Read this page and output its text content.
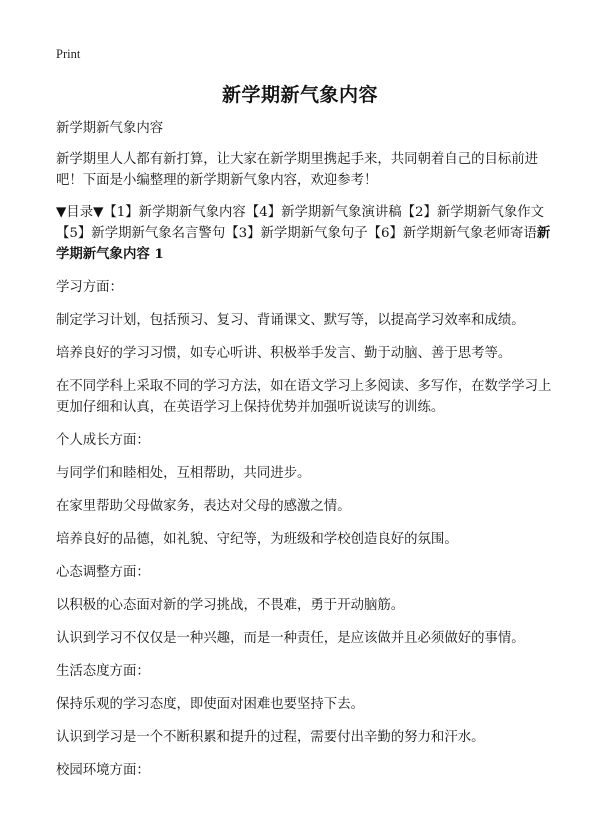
Print
新学期新气象内容

新学期新气象内容

新学期里人人都有新打算，让大家在新学期里携起手来，共同朝着自己的目标前进吧！下面是小编整理的新学期新气象内容，欢迎参考！

▼目录▼【1】新学期新气象内容【4】新学期新气象演讲稿【2】新学期新气象作文【5】新学期新气象名言警句【3】新学期新气象句子【6】新学期新气象老师寄语新学期新气象内容 1

学习方面：

制定学习计划，包括预习、复习、背诵课文、默写等，以提高学习效率和成绩。

培养良好的学习习惯，如专心听讲、积极举手发言、勤于动脑、善于思考等。

在不同学科上采取不同的学习方法，如在语文学习上多阅读、多写作，在数学学习上更加仔细和认真，在英语学习上保持优势并加强听说读写的训练。

个人成长方面：

与同学们和睦相处，互相帮助，共同进步。

在家里帮助父母做家务，表达对父母的感激之情。

培养良好的品德，如礼貌、守纪等，为班级和学校创造良好的氛围。

心态调整方面：

以积极的心态面对新的学习挑战，不畏难，勇于开动脑筋。

认识到学习不仅仅是一种兴趣，而是一种责任，是应该做并且必须做好的事情。

生活态度方面：

保持乐观的学习态度，即使面对困难也要坚持下去。

认识到学习是一个不断积累和提升的过程，需要付出辛勤的努力和汗水。

校园环境方面：
